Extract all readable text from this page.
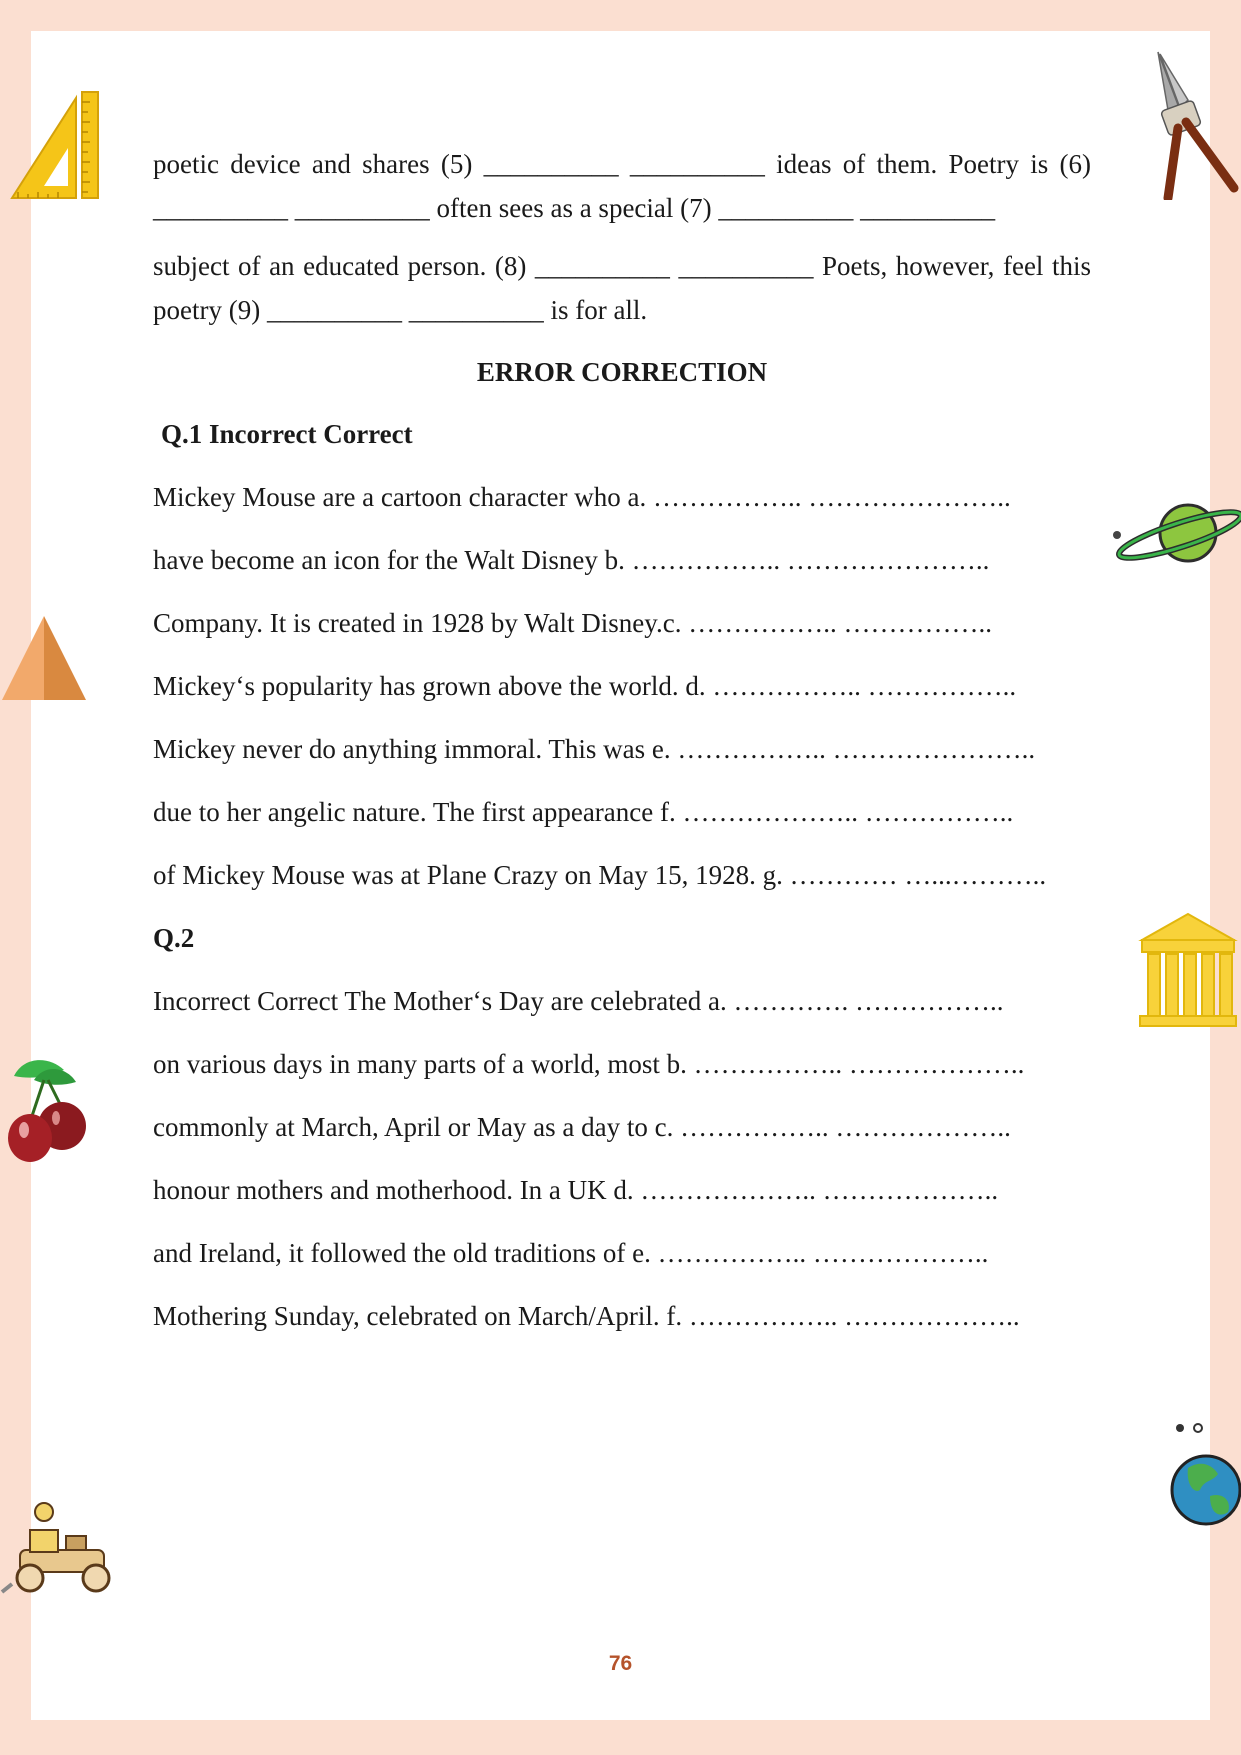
poetic device and shares (5) __________ __________ ideas of them. Poetry is (6) __________ __________ often sees as a special (7) __________ __________

subject of an educated person. (8) __________ __________ Poets, however, feel this poetry (9) __________ __________ is for all.

ERROR CORRECTION
Q.1 Incorrect Correct
Mickey Mouse are a cartoon character who a. …………….. …………………..
have become an icon for the Walt Disney b. …………….. …………………..
Company. It is created in 1928 by Walt Disney.c. …………….. ……………..
Mickey‘s popularity has grown above the world. d. …………….. ……………..
Mickey never do anything immoral. This was e. …………….. …………………..
due to her angelic nature. The first appearance f. ……………….. ……………..
of Mickey Mouse was at Plane Crazy on May 15, 1928. g. ………… …...………..
Q.2
Incorrect Correct The Mother‘s Day are celebrated a. …………. ……………..
on various days in many parts of a world, most b. …………….. ………………..
commonly at March, April or May as a day to c. …………….. ………………..
honour mothers and motherhood. In a UK d. ……………….. ………………..
and Ireland, it followed the old traditions of e. …………….. ………………..
Mothering Sunday, celebrated on March/April. f. …………….. ………………..
76
